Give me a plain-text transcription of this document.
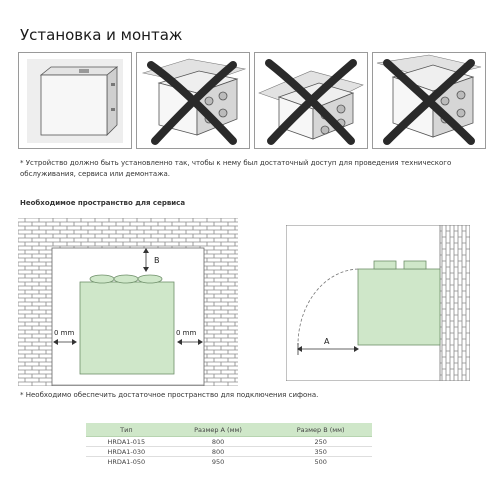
Установка и монтаж
* Устройство должно быть установленно так, чтобы к нему был достаточный доступ для проведения технического обслуживания, сервиса или демонтажа.
Необходимое пространство для сервиса
B
0 mm	0 mm
A
* Необходимо обеспечить достаточное пространство для подключения сифона.
Тип	Размер A (мм)	Размер B (мм)
HRDA1-015	800	250
HRDA1-030	800	350
HRDA1-050	950	500
